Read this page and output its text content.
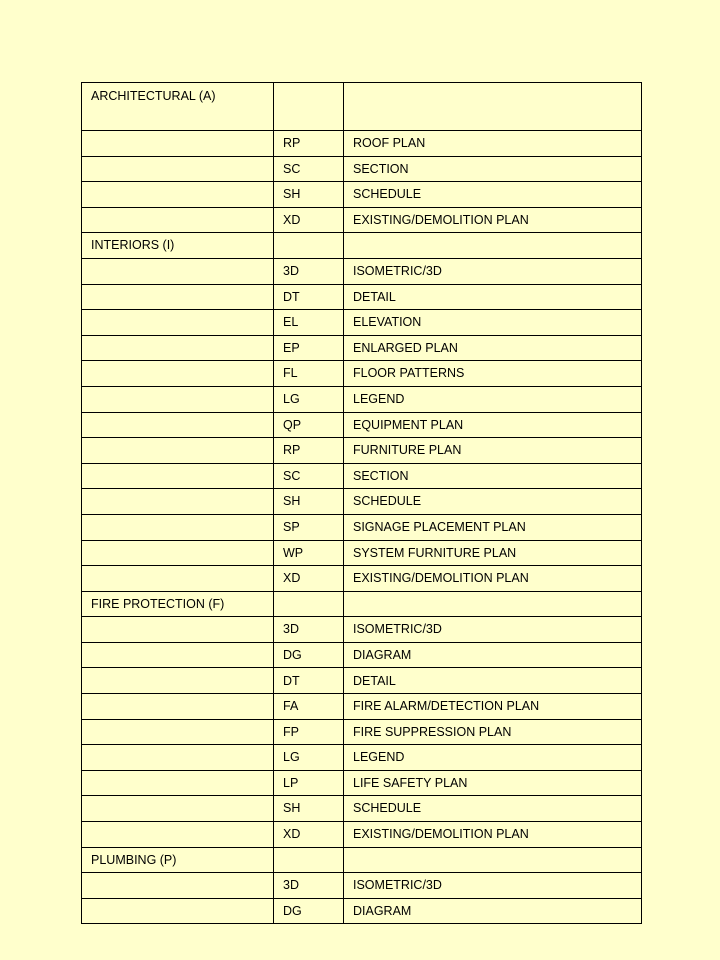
ARCHITECTURAL (A)		
	RP	ROOF PLAN
	SC	SECTION
	SH	SCHEDULE
	XD	EXISTING/DEMOLITION PLAN
INTERIORS (I)		
	3D	ISOMETRIC/3D
	DT	DETAIL
	EL	ELEVATION
	EP	ENLARGED PLAN
	FL	FLOOR PATTERNS
	LG	LEGEND
	QP	EQUIPMENT PLAN
	RP	FURNITURE PLAN
	SC	SECTION
	SH	SCHEDULE
	SP	SIGNAGE PLACEMENT PLAN
	WP	SYSTEM FURNITURE PLAN
	XD	EXISTING/DEMOLITION PLAN
FIRE PROTECTION (F)		
	3D	ISOMETRIC/3D
	DG	DIAGRAM
	DT	DETAIL
	FA	FIRE ALARM/DETECTION PLAN
	FP	FIRE SUPPRESSION PLAN
	LG	LEGEND
	LP	LIFE SAFETY PLAN
	SH	SCHEDULE
	XD	EXISTING/DEMOLITION PLAN
PLUMBING (P)		
	3D	ISOMETRIC/3D
	DG	DIAGRAM
